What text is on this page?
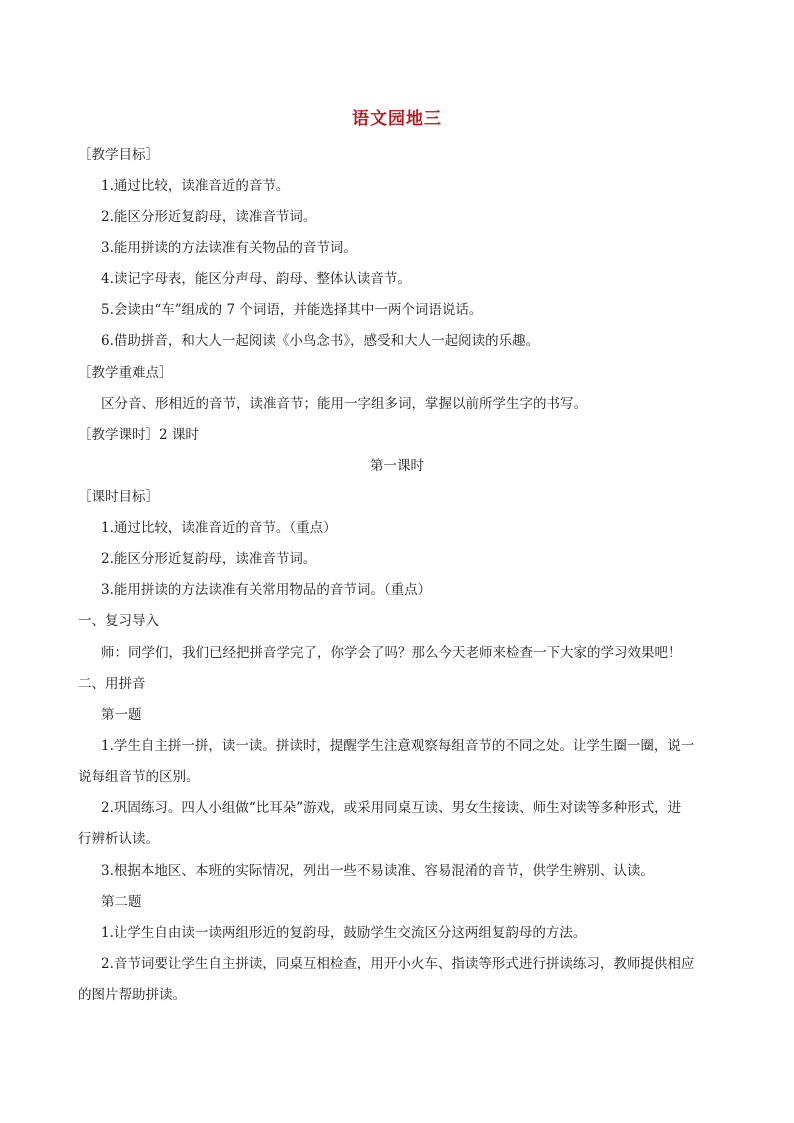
语文园地三
［教学目标］
1.通过比较，读准音近的音节。
2.能区分形近复韵母，读准音节词。
3.能用拼读的方法读准有关物品的音节词。
4.读记字母表，能区分声母、韵母、整体认读音节。
5.会读由“车”组成的 7 个词语，并能选择其中一两个词语说话。
6.借助拼音，和大人一起阅读《小鸟念书》，感受和大人一起阅读的乐趣。
［教学重难点］
区分音、形相近的音节，读准音节；能用一字组多词，掌握以前所学生字的书写。
［教学课时］2 课时
第一课时
［课时目标］
1.通过比较，读准音近的音节。（重点）
2.能区分形近复韵母，读准音节词。
3.能用拼读的方法读准有关常用物品的音节词。（重点）
一、复习导入
师：同学们，我们已经把拼音学完了，你学会了吗？那么今天老师来检查一下大家的学习效果吧！
二、用拼音
第一题
1.学生自主拼一拼，读一读。拼读时，提醒学生注意观察每组音节的不同之处。让学生圈一圈，说一
说每组音节的区别。
2.巩固练习。四人小组做“比耳朵”游戏，或采用同桌互读、男女生接读、师生对读等多种形式，进
行辨析认读。
3.根据本地区、本班的实际情况，列出一些不易读准、容易混淆的音节，供学生辨别、认读。
第二题
1.让学生自由读一读两组形近的复韵母，鼓励学生交流区分这两组复韵母的方法。
2.音节词要让学生自主拼读，同桌互相检查，用开小火车、指读等形式进行拼读练习，教师提供相应
的图片帮助拼读。
